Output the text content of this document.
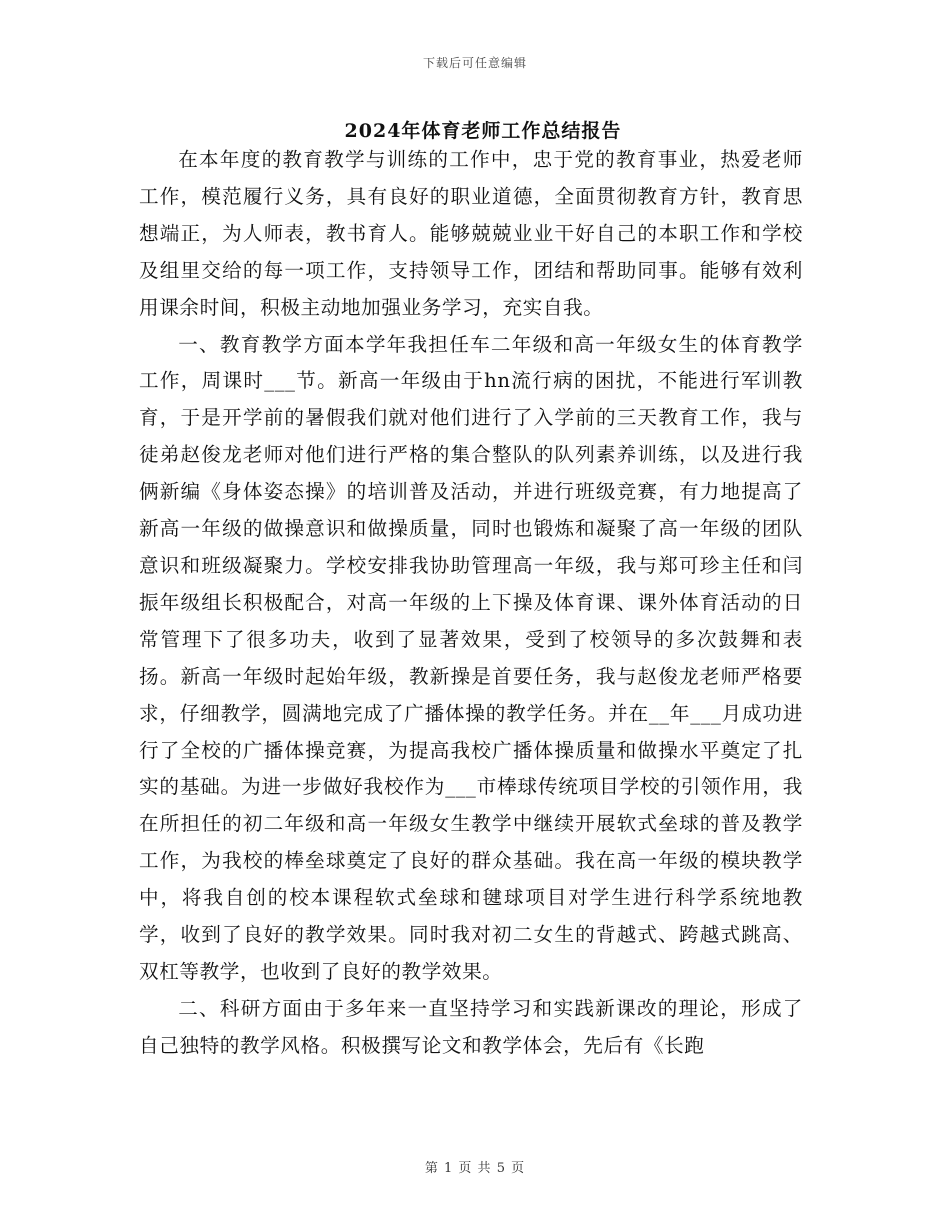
下载后可任意编辑
2024年体育老师工作总结报告

在本年度的教育教学与训练的工作中，忠于党的教育事业，热爱老师工作，模范履行义务，具有良好的职业道德，全面贯彻教育方针，教育思想端正，为人师表，教书育人。能够兢兢业业干好自己的本职工作和学校及组里交给的每一项工作，支持领导工作，团结和帮助同事。能够有效利用课余时间，积极主动地加强业务学习，充实自我。

一、教育教学方面本学年我担任车二年级和高一年级女生的体育教学工作，周课时___节。新高一年级由于hn流行病的困扰，不能进行军训教育，于是开学前的暑假我们就对他们进行了入学前的三天教育工作，我与徒弟赵俊龙老师对他们进行严格的集合整队的队列素养训练，以及进行我俩新编《身体姿态操》的培训普及活动，并进行班级竞赛，有力地提高了新高一年级的做操意识和做操质量，同时也锻炼和凝聚了高一年级的团队意识和班级凝聚力。学校安排我协助管理高一年级，我与郑可珍主任和闫振年级组长积极配合，对高一年级的上下操及体育课、课外体育活动的日常管理下了很多功夫，收到了显著效果，受到了校领导的多次鼓舞和表扬。新高一年级时起始年级，教新操是首要任务，我与赵俊龙老师严格要求，仔细教学，圆满地完成了广播体操的教学任务。并在__年___月成功进行了全校的广播体操竞赛，为提高我校广播体操质量和做操水平奠定了扎实的基础。为进一步做好我校作为___市棒球传统项目学校的引领作用，我在所担任的初二年级和高一年级女生教学中继续开展软式垒球的普及教学工作，为我校的棒垒球奠定了良好的群众基础。我在高一年级的模块教学中，将我自创的校本课程软式垒球和毽球项目对学生进行科学系统地教学，收到了良好的教学效果。同时我对初二女生的背越式、跨越式跳高、双杠等教学，也收到了良好的教学效果。

二、科研方面由于多年来一直坚持学习和实践新课改的理论，形成了自己独特的教学风格。积极撰写论文和教学体会，先后有《长跑

第 1 页 共 5 页
